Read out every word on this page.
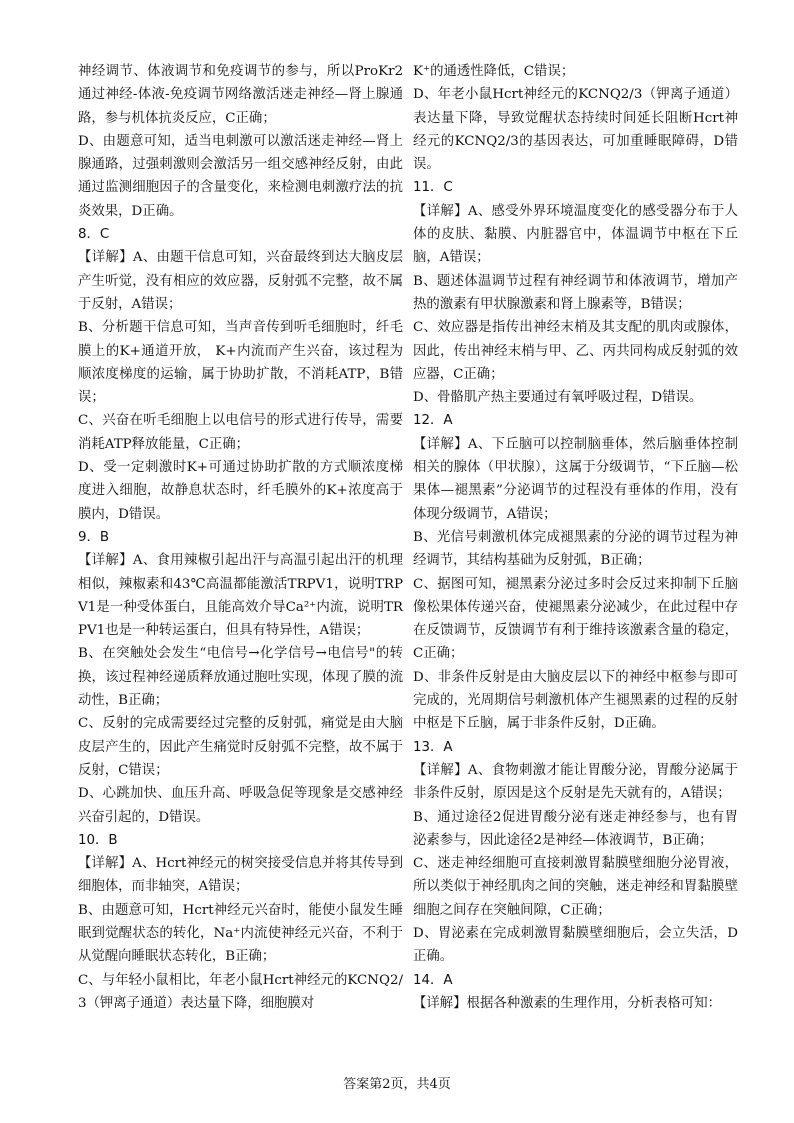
神经调节、体液调节和免疫调节的参与，所以ProKr2通过神经-体液-免疫调节网络激活迷走神经—肾上腺通路，参与机体抗炎反应，C正确；

D、由题意可知，适当电刺激可以激活迷走神经—肾上腺通路，过强刺激则会激活另一组交感神经反射，由此通过监测细胞因子的含量变化，来检测电刺激疗法的抗炎效果，D正确。

8．C

【详解】A、由题干信息可知，兴奋最终到达大脑皮层产生听觉，没有相应的效应器，反射弧不完整，故不属于反射，A错误；

B、分析题干信息可知，当声音传到听毛细胞时，纤毛膜上的K+通道开放， K+内流而产生兴奋，该过程为顺浓度梯度的运输，属于协助扩散，不消耗ATP，B错误；

C、兴奋在听毛细胞上以电信号的形式进行传导，需要消耗ATP释放能量，C正确；

D、受一定刺激时K+可通过协助扩散的方式顺浓度梯度进入细胞，故静息状态时，纤毛膜外的K+浓度高于膜内，D错误。

9．B

【详解】A、食用辣椒引起出汗与高温引起出汗的机理相似，辣椒素和43℃高温都能激活TRPV1，说明TRPV1是一种受体蛋白，且能高效介导Ca²⁺内流，说明TRPV1也是一种转运蛋白，但具有特异性，A错误；

B、在突触处会发生“电信号→化学信号→电信号"的转换，该过程神经递质释放通过胞吐实现，体现了膜的流动性，B正确；

C、反射的完成需要经过完整的反射弧，痛觉是由大脑皮层产生的，因此产生痛觉时反射弧不完整，故不属于反射，C错误；

D、心跳加快、血压升高、呼吸急促等现象是交感神经兴奋引起的，D错误。

10．B

【详解】A、Hcrt神经元的树突接受信息并将其传导到细胞体，而非轴突，A错误；

B、由题意可知，Hcrt神经元兴奋时，能使小鼠发生睡眠到觉醒状态的转化，Na⁺内流使神经元兴奋，不利于从觉醒向睡眠状态转化，B正确；

C、与年轻小鼠相比，年老小鼠Hcrt神经元的KCNQ2/3（钾离子通道）表达量下降，细胞膜对

K⁺的通透性降低，C错误；

D、年老小鼠Hcrt神经元的KCNQ2/3（钾离子通道）表达量下降，导致觉醒状态持续时间延长阻断Hcrt神经元的KCNQ2/3的基因表达，可加重睡眠障碍，D错误。

11．C

【详解】A、感受外界环境温度变化的感受器分布于人体的皮肤、黏膜、内脏器官中，体温调节中枢在下丘脑，A错误；

B、题述体温调节过程有神经调节和体液调节，增加产热的激素有甲状腺激素和肾上腺素等，B错误；

C、效应器是指传出神经末梢及其支配的肌肉或腺体，因此，传出神经末梢与甲、乙、丙共同构成反射弧的效应器，C正确；

D、骨骼肌产热主要通过有氧呼吸过程，D错误。

12．A

【详解】A、下丘脑可以控制脑垂体，然后脑垂体控制相关的腺体（甲状腺），这属于分级调节，“下丘脑—松果体—褪黑素”分泌调节的过程没有垂体的作用，没有体现分级调节，A错误；

B、光信号刺激机体完成褪黑素的分泌的调节过程为神经调节，其结构基础为反射弧，B正确；

C、据图可知，褪黑素分泌过多时会反过来抑制下丘脑像松果体传递兴奋，使褪黑素分泌减少，在此过程中存在反馈调节，反馈调节有利于维持该激素含量的稳定，C正确；

D、非条件反射是由大脑皮层以下的神经中枢参与即可完成的，光周期信号刺激机体产生褪黑素的过程的反射中枢是下丘脑，属于非条件反射，D正确。

13．A

【详解】A、食物刺激才能让胃酸分泌，胃酸分泌属于非条件反射，原因是这个反射是先天就有的，A错误；

B、通过途径2促进胃酸分泌有迷走神经参与，也有胃泌素参与，因此途径2是神经—体液调节，B正确；

C、迷走神经细胞可直接刺激胃黏膜壁细胞分泌胃液，所以类似于神经肌肉之间的突触，迷走神经和胃黏膜壁细胞之间存在突触间隙，C正确；

D、胃泌素在完成刺激胃黏膜壁细胞后，会立失活，D正确。

14．A

【详解】根据各种激素的生理作用，分析表格可知：

答案第2页，共4页
